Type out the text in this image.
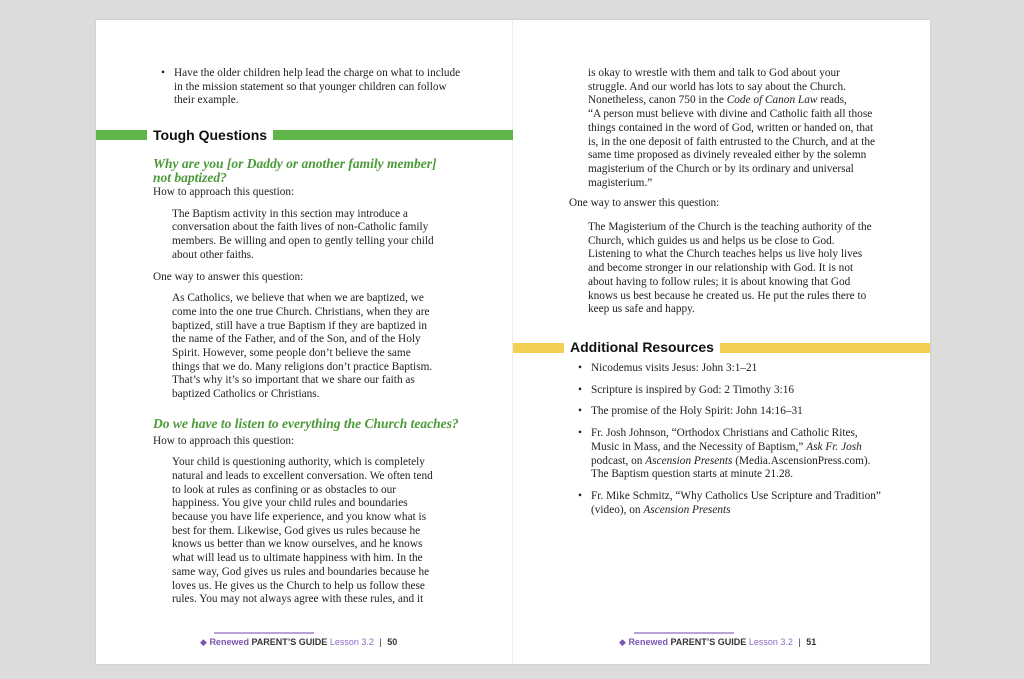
• Have the older children help lead the charge on what to include in the mission statement so that younger children can follow their example.
Tough Questions
Why are you [or Daddy or another family member] not baptized?
How to approach this question:
The Baptism activity in this section may introduce a conversation about the faith lives of non-Catholic family members. Be willing and open to gently telling your child about other faiths.
One way to answer this question:
As Catholics, we believe that when we are baptized, we come into the one true Church. Christians, when they are baptized, still have a true Baptism if they are baptized in the name of the Father, and of the Son, and of the Holy Spirit. However, some people don’t believe the same things that we do. Many religions don’t practice Baptism. That’s why it’s so important that we share our faith as baptized Catholics or Christians.
Do we have to listen to everything the Church teaches?
How to approach this question:
Your child is questioning authority, which is completely natural and leads to excellent conversation. We often tend to look at rules as confining or as obstacles to our happiness. You give your child rules and boundaries because you have life experience, and you know what is best for them. Likewise, God gives us rules because he knows us better than we know ourselves, and he knows what will lead us to ultimate happiness with him. In the same way, God gives us rules and boundaries because he loves us. He gives us the Church to help us follow these rules. You may not always agree with these rules, and it
◆ Renewed PARENT’S GUIDE Lesson 3.2 | 50
is okay to wrestle with them and talk to God about your struggle. And our world has lots to say about the Church. Nonetheless, canon 750 in the Code of Canon Law reads,
“A person must believe with divine and Catholic faith all those things contained in the word of God, written or handed on, that is, in the one deposit of faith entrusted to the Church, and at the same time proposed as divinely revealed either by the solemn magisterium of the Church or by its ordinary and universal magisterium.”
One way to answer this question:
The Magisterium of the Church is the teaching authority of the Church, which guides us and helps us be close to God. Listening to what the Church teaches helps us live holy lives and become stronger in our relationship with God. It is not about having to follow rules; it is about knowing that God knows us best because he created us. He put the rules there to keep us safe and happy.
Additional Resources
• Nicodemus visits Jesus: John 3:1–21
• Scripture is inspired by God: 2 Timothy 3:16
• The promise of the Holy Spirit: John 14:16–31
• Fr. Josh Johnson, “Orthodox Christians and Catholic Rites, Music in Mass, and the Necessity of Baptism,” Ask Fr. Josh podcast, on Ascension Presents (Media.AscensionPress.com). The Baptism question starts at minute 21.28.
• Fr. Mike Schmitz, “Why Catholics Use Scripture and Tradition” (video), on Ascension Presents
◆ Renewed PARENT’S GUIDE Lesson 3.2 | 51
